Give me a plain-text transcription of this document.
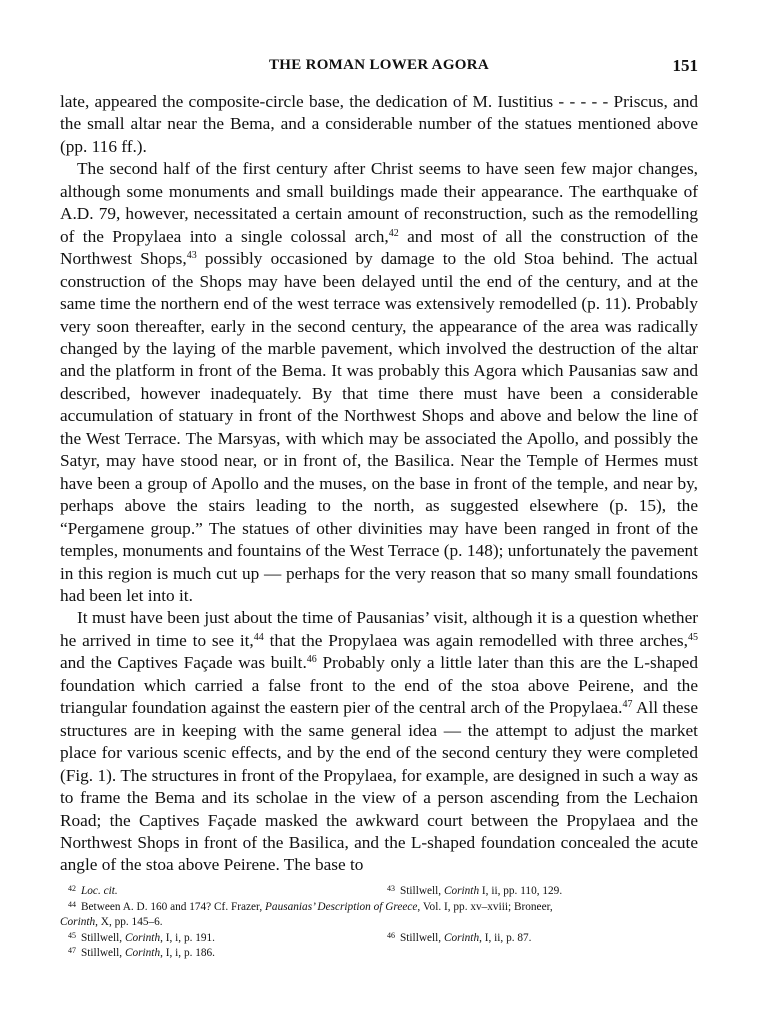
THE ROMAN LOWER AGORA	151

late, appeared the composite-circle base, the dedication of M. Iustitius - - - - - Priscus, and the small altar near the Bema, and a considerable number of the statues mentioned above (pp. 116 ff.).

The second half of the first century after Christ seems to have seen few major changes, although some monuments and small buildings made their appearance. The earthquake of A.D. 79, however, necessitated a certain amount of reconstruction, such as the remodelling of the Propylaea into a single colossal arch,$^{42}$ and most of all the construction of the Northwest Shops,$^{43}$ possibly occasioned by damage to the old Stoa behind. The actual construction of the Shops may have been delayed until the end of the century, and at the same time the northern end of the west terrace was extensively remodelled (p. 11). Probably very soon thereafter, early in the second century, the appearance of the area was radically changed by the laying of the marble pavement, which involved the destruction of the altar and the platform in front of the Bema. It was probably this Agora which Pausanias saw and described, however inadequately. By that time there must have been a considerable accumulation of statuary in front of the Northwest Shops and above and below the line of the West Terrace. The Marsyas, with which may be associated the Apollo, and possibly the Satyr, may have stood near, or in front of, the Basilica. Near the Temple of Hermes must have been a group of Apollo and the muses, on the base in front of the temple, and near by, perhaps above the stairs leading to the north, as suggested elsewhere (p. 15), the “Pergamene group.” The statues of other divinities may have been ranged in front of the temples, monuments and fountains of the West Terrace (p. 148); unfortunately the pavement in this region is much cut up — perhaps for the very reason that so many small foundations had been let into it.

It must have been just about the time of Pausanias’ visit, although it is a question whether he arrived in time to see it,$^{44}$ that the Propylaea was again remodelled with three arches,$^{45}$ and the Captives Façade was built.$^{46}$ Probably only a little later than this are the L-shaped foundation which carried a false front to the end of the stoa above Peirene, and the triangular foundation against the eastern pier of the central arch of the Propylaea.$^{47}$ All these structures are in keeping with the same general idea — the attempt to adjust the market place for various scenic effects, and by the end of the second century they were completed (Fig. 1). The structures in front of the Propylaea, for example, are designed in such a way as to frame the Bema and its scholae in the view of a person ascending from the Lechaion Road; the Captives Façade masked the awkward court between the Propylaea and the Northwest Shops in front of the Basilica, and the L-shaped foundation concealed the acute angle of the stoa above Peirene. The base to

$^{42}$ Loc. cit.	$^{43}$ Stillwell, Corinth I, ii, pp. 110, 129.
$^{44}$ Between A. D. 160 and 174? Cf. Frazer, Pausanias’ Description of Greece, Vol. I, pp. xv–xviii; Broneer,
Corinth, X, pp. 145–6.
$^{45}$ Stillwell, Corinth, I, i, p. 191.	$^{46}$ Stillwell, Corinth, I, ii, p. 87.
$^{47}$ Stillwell, Corinth, I, i, p. 186.
